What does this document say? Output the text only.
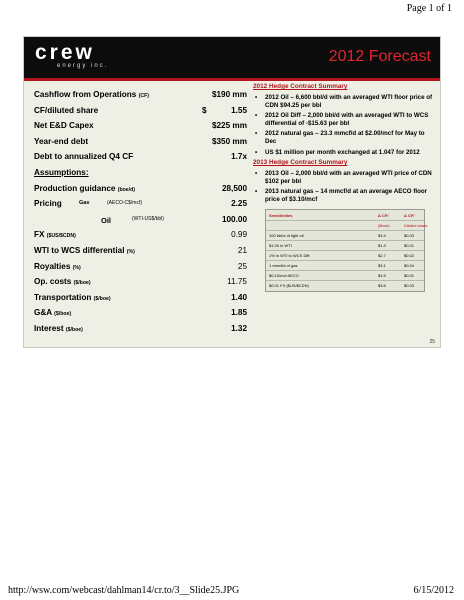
Page 1 of 1
crew
energy inc.
2012 Forecast
Cashflow from Operations (CF)	$190 mm
CF/diluted share	$	1.55
Net E&D Capex	$225 mm
Year-end debt	$350 mm
Debt to annualized Q4 CF	1.7x
Assumptions:
Production guidance (boe/d)	28,500
Pricing	Gas	(AECO-C$/mcf)	2.25
Oil	(WTI-US$/bbl)	100.00
FX ($US/$CDN)	0.99
WTI to WCS differential (%)	21
Royalties (%)	25
Op. costs ($/boe)	11.75
Transportation ($/boe)	1.40
G&A ($/boe)	1.85
Interest ($/boe)	1.32
2012 Hedge Contract Summary
• 2012 Oil – 6,600 bbl/d with an averaged WTI floor price of CDN $94.25 per bbl
• 2012 Oil Diff – 2,000 bbl/d with an averaged WTI to WCS differential of -$15.63 per bbl
• 2012 natural gas – 23.3 mmcf/d at $2.00/mcf for May to Dec
• US $1 million per month exchanged at 1.047 for 2012
2013 Hedge Contract Summary
• 2013 Oil – 2,000 bbl/d with an averaged WTI price of CDN $102 per bbl
• 2013 natural gas – 14 mmcf/d at an average AECO floor price of $3.10/mcf
Sensitivities	Δ CF/	Δ CF/
($mm)	Diluted share
100 bbl/d of light oil	$3.4	$0.03
$1.00 in WTI	$1.3	$0.01
1% in WTI to WCS Diff.	$2.7	$0.02
1 mmcf/d of gas	$3.1	$0.04
$0.10/mcf AECO	$1.5	$0.01
$0.01 FX ($US/$CDN)	$3.6	$0.03
25
http://wsw.com/webcast/dahlman14/cr.to/3__Slide25.JPG	6/15/2012
